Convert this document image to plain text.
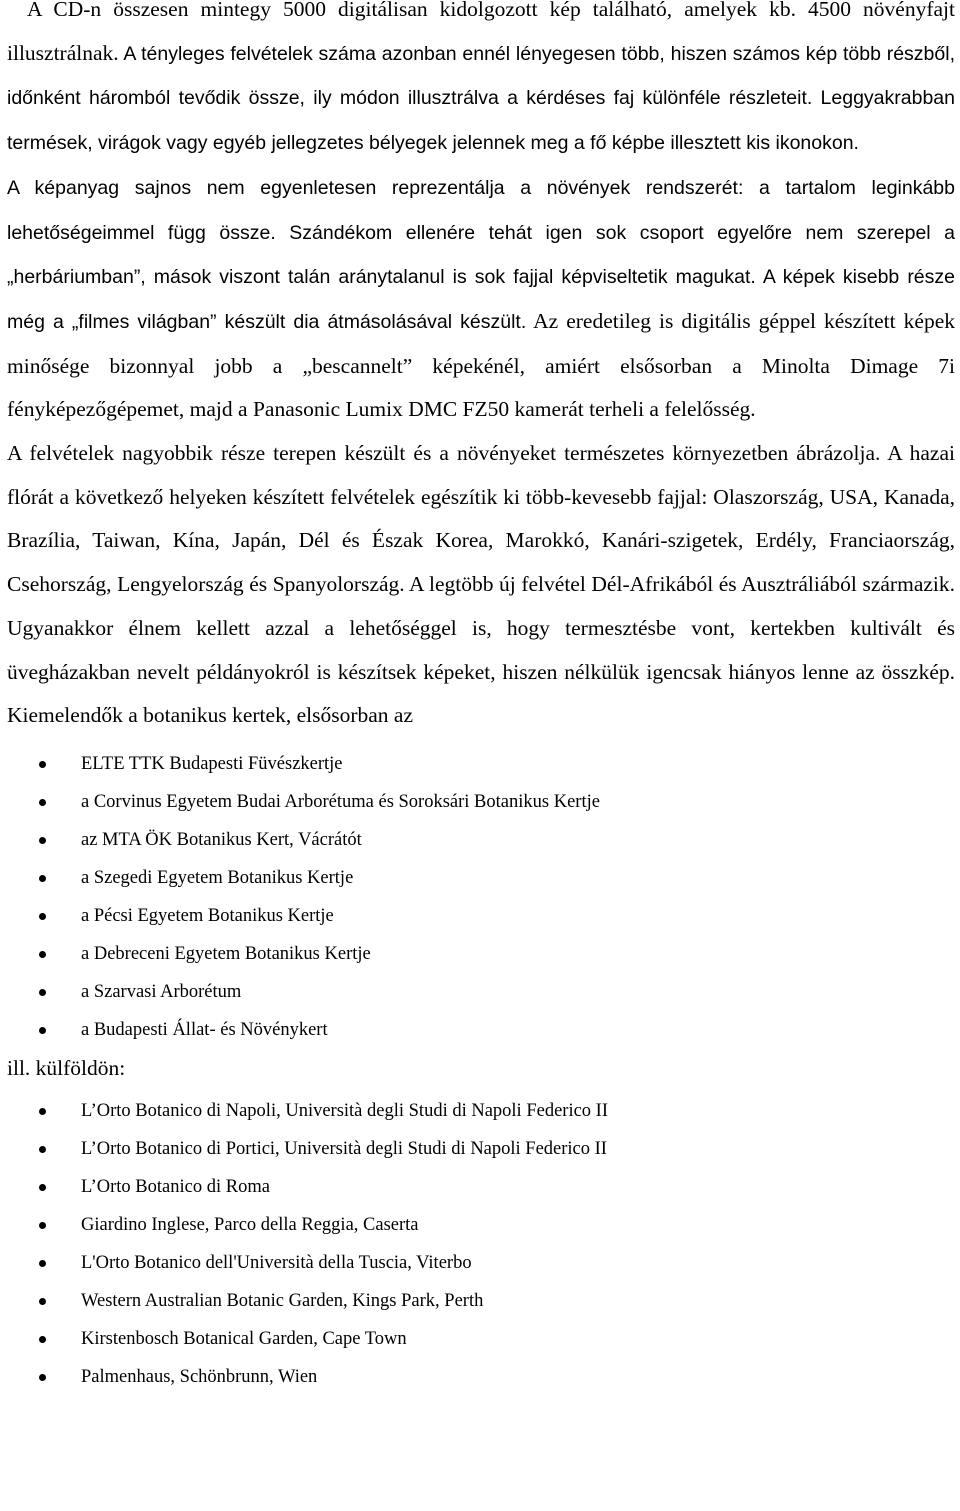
A CD-n összesen mintegy 5000 digitálisan kidolgozott kép található, amelyek kb. 4500 növényfajt illusztrálnak. A tényleges felvételek száma azonban ennél lényegesen több, hiszen számos kép több részből, időnként háromból tevődik össze, ily módon illusztrálva a kérdéses faj különféle részleteit. Leggyakrabban termések, virágok vagy egyéb jellegzetes bélyegek jelennek meg a fő képbe illesztett kis ikonokon.

A képanyag sajnos nem egyenletesen reprezentálja a növények rendszerét: a tartalom leginkább lehetőségeimmel függ össze. Szándékom ellenére tehát igen sok csoport egyelőre nem szerepel a „herbáriumban”, mások viszont talán aránytalanul is sok fajjal képviseltetik magukat. A képek kisebb része még a „filmes világban” készült dia átmásolásával készült. Az eredetileg is digitális géppel készített képek minősége bizonnyal jobb a „bescannelt” képekénél, amiért elsősorban a Minolta Dimage 7i fényképezőgépemet, majd a Panasonic Lumix DMC FZ50 kamerát terheli a felelősség.

A felvételek nagyobbik része terepen készült és a növényeket természetes környezetben ábrázolja. A hazai flórát a következő helyeken készített felvételek egészítik ki több-kevesebb fajjal: Olaszország, USA, Kanada, Brazília, Taiwan, Kína, Japán, Dél és Észak Korea, Marokkó, Kanári-szigetek, Erdély, Franciaország, Csehország, Lengyelország és Spanyolország. A legtöbb új felvétel Dél-Afrikából és Ausztráliából származik. Ugyanakkor élnem kellett azzal a lehetőséggel is, hogy termesztésbe vont, kertekben kultivált és üvegházakban nevelt példányokról is készítsek képeket, hiszen nélkülük igencsak hiányos lenne az összkép. Kiemelendők a botanikus kertek, elsősorban az

ELTE TTK Budapesti Füvészkertje
a Corvinus Egyetem Budai Arborétuma és Soroksári Botanikus Kertje
az MTA ÖK Botanikus Kert, Vácrátót
a Szegedi Egyetem Botanikus Kertje
a Pécsi Egyetem Botanikus Kertje
a Debreceni Egyetem Botanikus Kertje
a Szarvasi Arborétum
a Budapesti Állat- és Növénykert

ill. külföldön:

L’Orto Botanico di Napoli, Università degli Studi di Napoli Federico II
L’Orto Botanico di Portici, Università degli Studi di Napoli Federico II
L’Orto Botanico di Roma
Giardino Inglese, Parco della Reggia, Caserta
L'Orto Botanico dell'Università della Tuscia, Viterbo
Western Australian Botanic Garden, Kings Park, Perth
Kirstenbosch Botanical Garden, Cape Town
Palmenhaus, Schönbrunn, Wien
